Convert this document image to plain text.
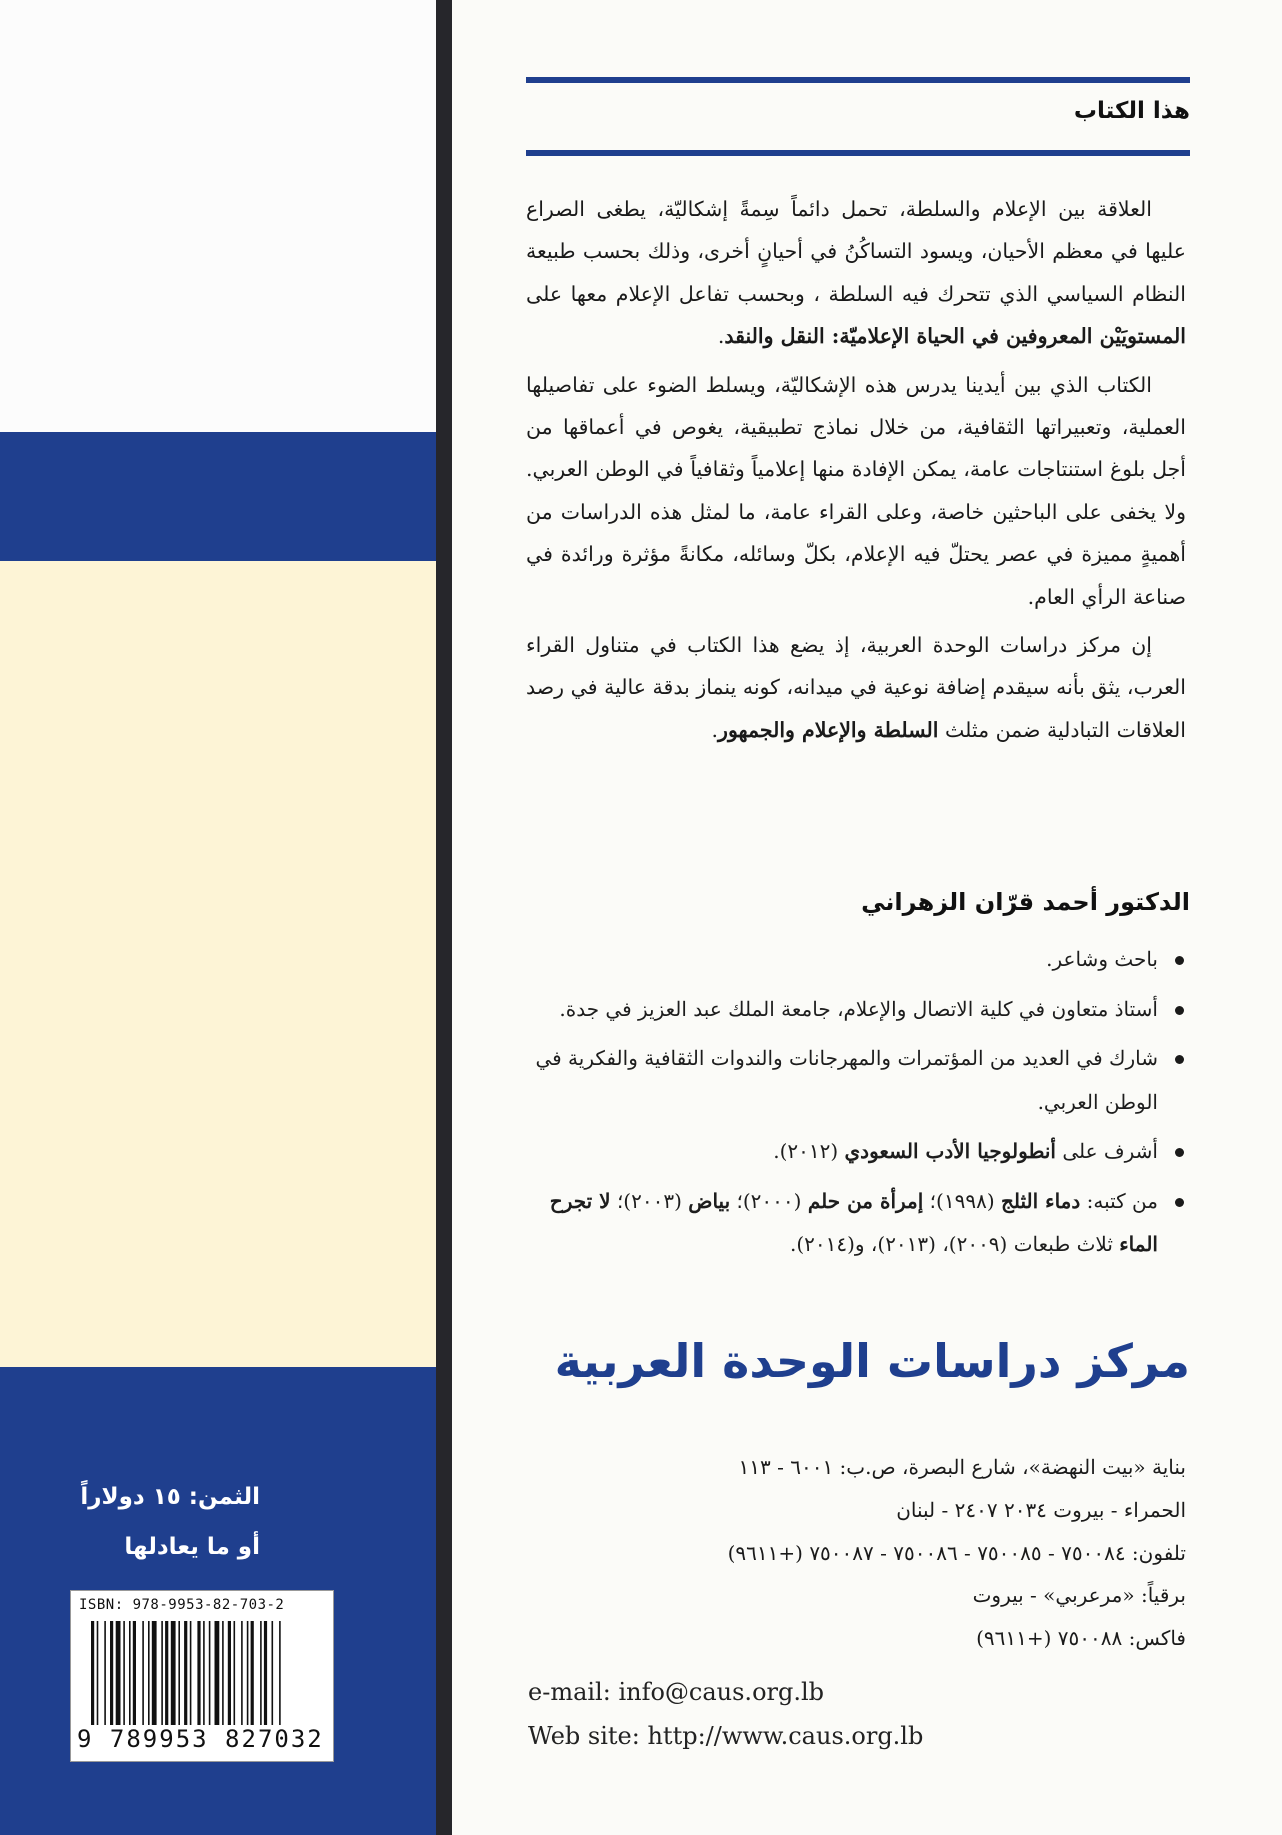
الثمن: ١٥ دولاراً
أو ما يعادلها
ISBN: 978-9953-82-703-2
9 789953 827032
هذا الكتاب

العلاقة بين الإعلام والسلطة، تحمل دائماً سِمةً إشكاليّة، يطغى الصراع عليها في معظم الأحيان، ويسود التساكُنُ في أحيانٍ أخرى، وذلك بحسب طبيعة النظام السياسي الذي تتحرك فيه السلطة ، وبحسب تفاعل الإعلام معها على المستويَيْن المعروفين في الحياة الإعلاميّة: النقل والنقد.

الكتاب الذي بين أيدينا يدرس هذه الإشكاليّة، ويسلط الضوء على تفاصيلها العملية، وتعبيراتها الثقافية، من خلال نماذج تطبيقية، يغوص في أعماقها من أجل بلوغ استنتاجات عامة، يمكن الإفادة منها إعلامياً وثقافياً في الوطن العربي. ولا يخفى على الباحثين خاصة، وعلى القراء عامة، ما لمثل هذه الدراسات من أهميةٍ مميزة في عصر يحتلّ فيه الإعلام، بكلّ وسائله، مكانةً مؤثرة ورائدة في صناعة الرأي العام.

إن مركز دراسات الوحدة العربية، إذ يضع هذا الكتاب في متناول القراء العرب، يثق بأنه سيقدم إضافة نوعية في ميدانه، كونه ينماز بدقة عالية في رصد العلاقات التبادلية ضمن مثلث السلطة والإعلام والجمهور.

الدكتور أحمد قرّان الزهراني
باحث وشاعر.
أستاذ متعاون في كلية الاتصال والإعلام، جامعة الملك عبد العزيز في جدة.
شارك في العديد من المؤتمرات والمهرجانات والندوات الثقافية والفكرية في الوطن العربي.
أشرف على أنطولوجيا الأدب السعودي (٢٠١٢).
من كتبه: دماء الثلج (١٩٩٨)؛ إمرأة من حلم (٢٠٠٠)؛ بياض (٢٠٠٣)؛ لا تجرح الماء ثلاث طبعات (٢٠٠٩)، (٢٠١٣)، و(٢٠١٤).
مركز دراسات الوحدة العربية
بناية «بيت النهضة»، شارع البصرة، ص.ب: ٦٠٠١ - ١١٣
الحمراء - بيروت ٢٠٣٤ ٢٤٠٧ - لبنان
تلفون: ٧٥٠٠٨٤ - ٧٥٠٠٨٥ - ٧٥٠٠٨٦ - ٧٥٠٠٨٧ (+٩٦١١)
برقياً: «مرعربي» - بيروت
فاكس: ٧٥٠٠٨٨ (+٩٦١١)
e-mail: info@caus.org.lb
Web site: http://www.caus.org.lb
